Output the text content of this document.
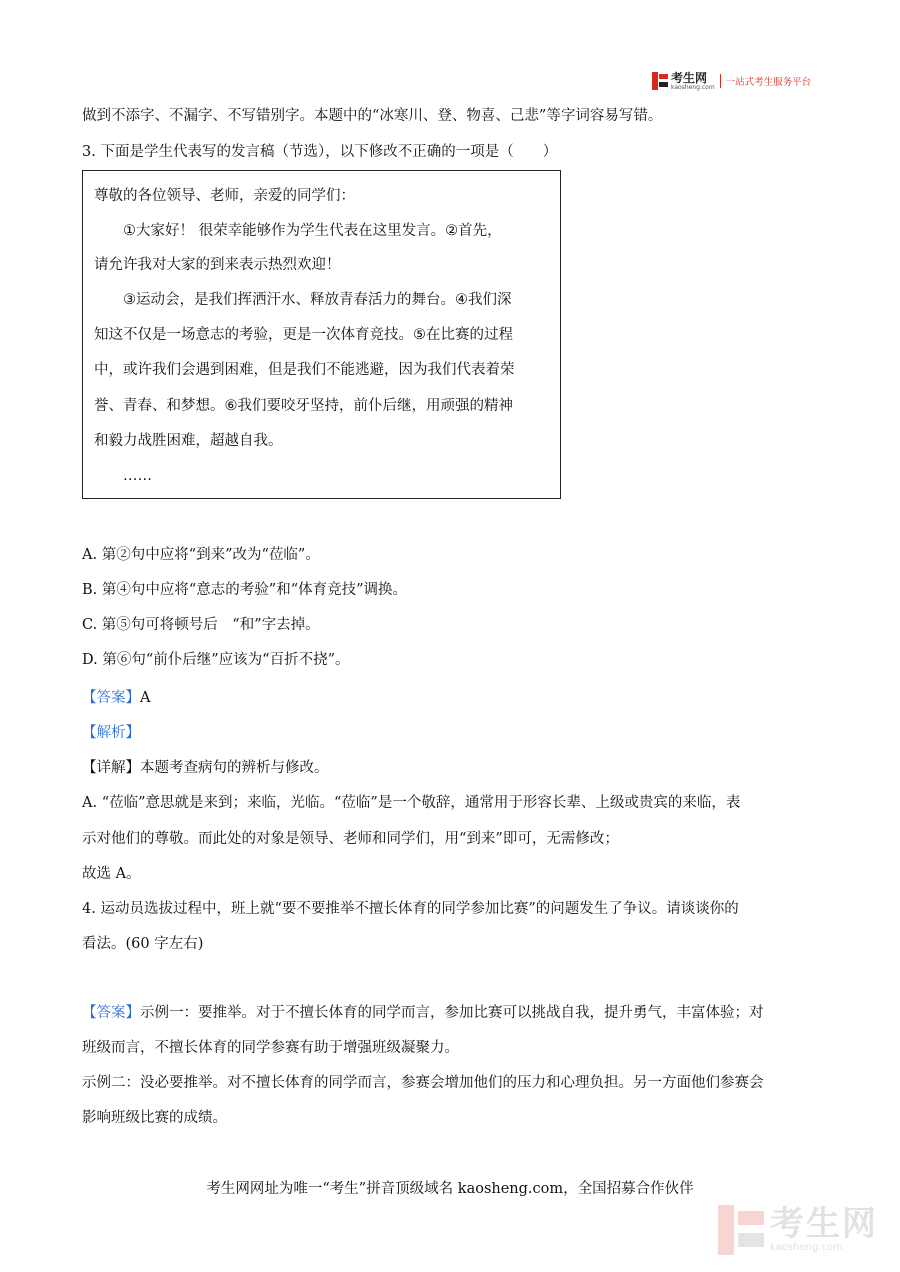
考生网
kaosheng.com 一站式考生服务平台
做到不添字、不漏字、不写错别字。本题中的“冰寒川、登、物喜、己悲”等字词容易写错。
3. 下面是学生代表写的发言稿（节选），以下修改不正确的一项是（　　）
尊敬的各位领导、老师，亲爱的同学们：
　　①大家好！ 很荣幸能够作为学生代表在这里发言。②首先，
请允许我对大家的到来表示热烈欢迎！
　　③运动会，是我们挥洒汗水、释放青春活力的舞台。④我们深
知这不仅是一场意志的考验，更是一次体育竞技。⑤在比赛的过程
中，或许我们会遇到困难，但是我们不能逃避，因为我们代表着荣
誉、青春、和梦想。⑥我们要咬牙坚持，前仆后继，用顽强的精神
和毅力战胜困难，超越自我。
　　……
A. 第②句中应将“到来”改为“莅临”。
B. 第④句中应将“意志的考验”和“体育竞技”调换。
C. 第⑤句可将顿号后　“和”字去掉。
D. 第⑥句“前仆后继”应该为“百折不挠”。
【答案】A
【解析】
【详解】本题考查病句的辨析与修改。
A. “莅临”意思就是来到；来临，光临。“莅临”是一个敬辞，通常用于形容长辈、上级或贵宾的来临，表
示对他们的尊敬。而此处的对象是领导、老师和同学们，用“到来”即可，无需修改；
故选 A。
4. 运动员选拔过程中，班上就“要不要推举不擅长体育的同学参加比赛”的问题发生了争议。请谈谈你的
看法。(60 字左右)
【答案】示例一：要推举。对于不擅长体育的同学而言，参加比赛可以挑战自我，提升勇气，丰富体验；对
班级而言，不擅长体育的同学参赛有助于增强班级凝聚力。
示例二：没必要推举。对不擅长体育的同学而言，参赛会增加他们的压力和心理负担。另一方面他们参赛会
影响班级比赛的成绩。
考生网网址为唯一“考生”拼音顶级域名 kaosheng.com，全国招募合作伙伴
考生网
kaosheng.com
